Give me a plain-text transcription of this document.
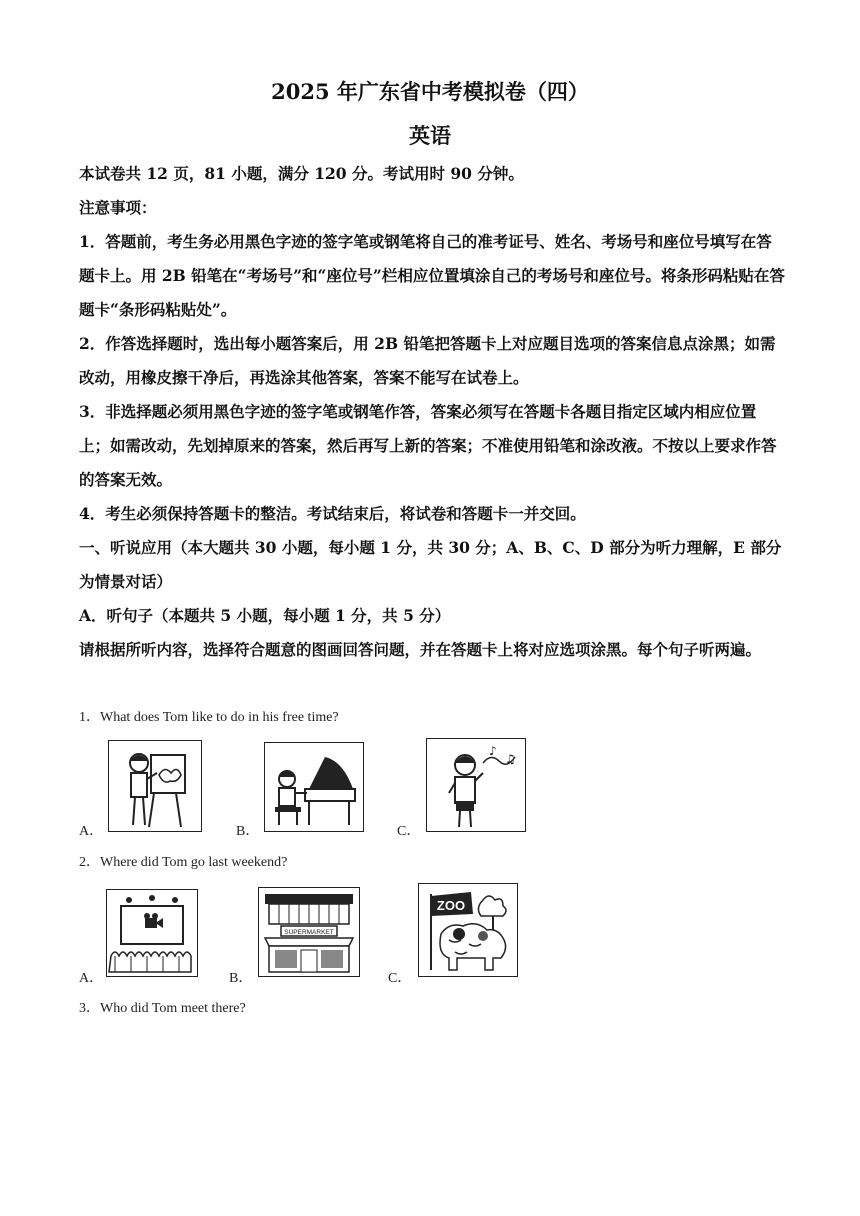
2025 年广东省中考模拟卷（四）
英语
本试卷共 12 页，81 小题，满分 120 分。考试用时 90 分钟。
注意事项：
1．答题前，考生务必用黑色字迹的签字笔或钢笔将自己的准考证号、姓名、考场号和座位号填写在答题卡上。用 2B 铅笔在“考场号”和“座位号”栏相应位置填涂自己的考场号和座位号。将条形码粘贴在答题卡“条形码粘贴处”。
2．作答选择题时，选出每小题答案后，用 2B 铅笔把答题卡上对应题目选项的答案信息点涂黑；如需改动，用橡皮擦干净后，再选涂其他答案，答案不能写在试卷上。
3．非选择题必须用黑色字迹的签字笔或钢笔作答，答案必须写在答题卡各题目指定区域内相应位置上；如需改动，先划掉原来的答案，然后再写上新的答案；不准使用铅笔和涂改液。不按以上要求作答的答案无效。
4．考生必须保持答题卡的整洁。考试结束后，将试卷和答题卡一并交回。
一、听说应用（本大题共 30 小题，每小题 1 分，共 30 分；A、B、C、D 部分为听力理解，E 部分为情景对话）
A．听句子（本题共 5 小题，每小题 1 分，共 5 分）
请根据所听内容，选择符合题意的图画回答问题，并在答题卡上将对应选项涂黑。每个句子听两遍。
1．What does Tom like to do in his free time?
A．	B．	C．
♪
♫
2．Where did Tom go last weekend?
A．	B．
SUPERMARKET
C．
ZOO
3．Who did Tom meet there?
